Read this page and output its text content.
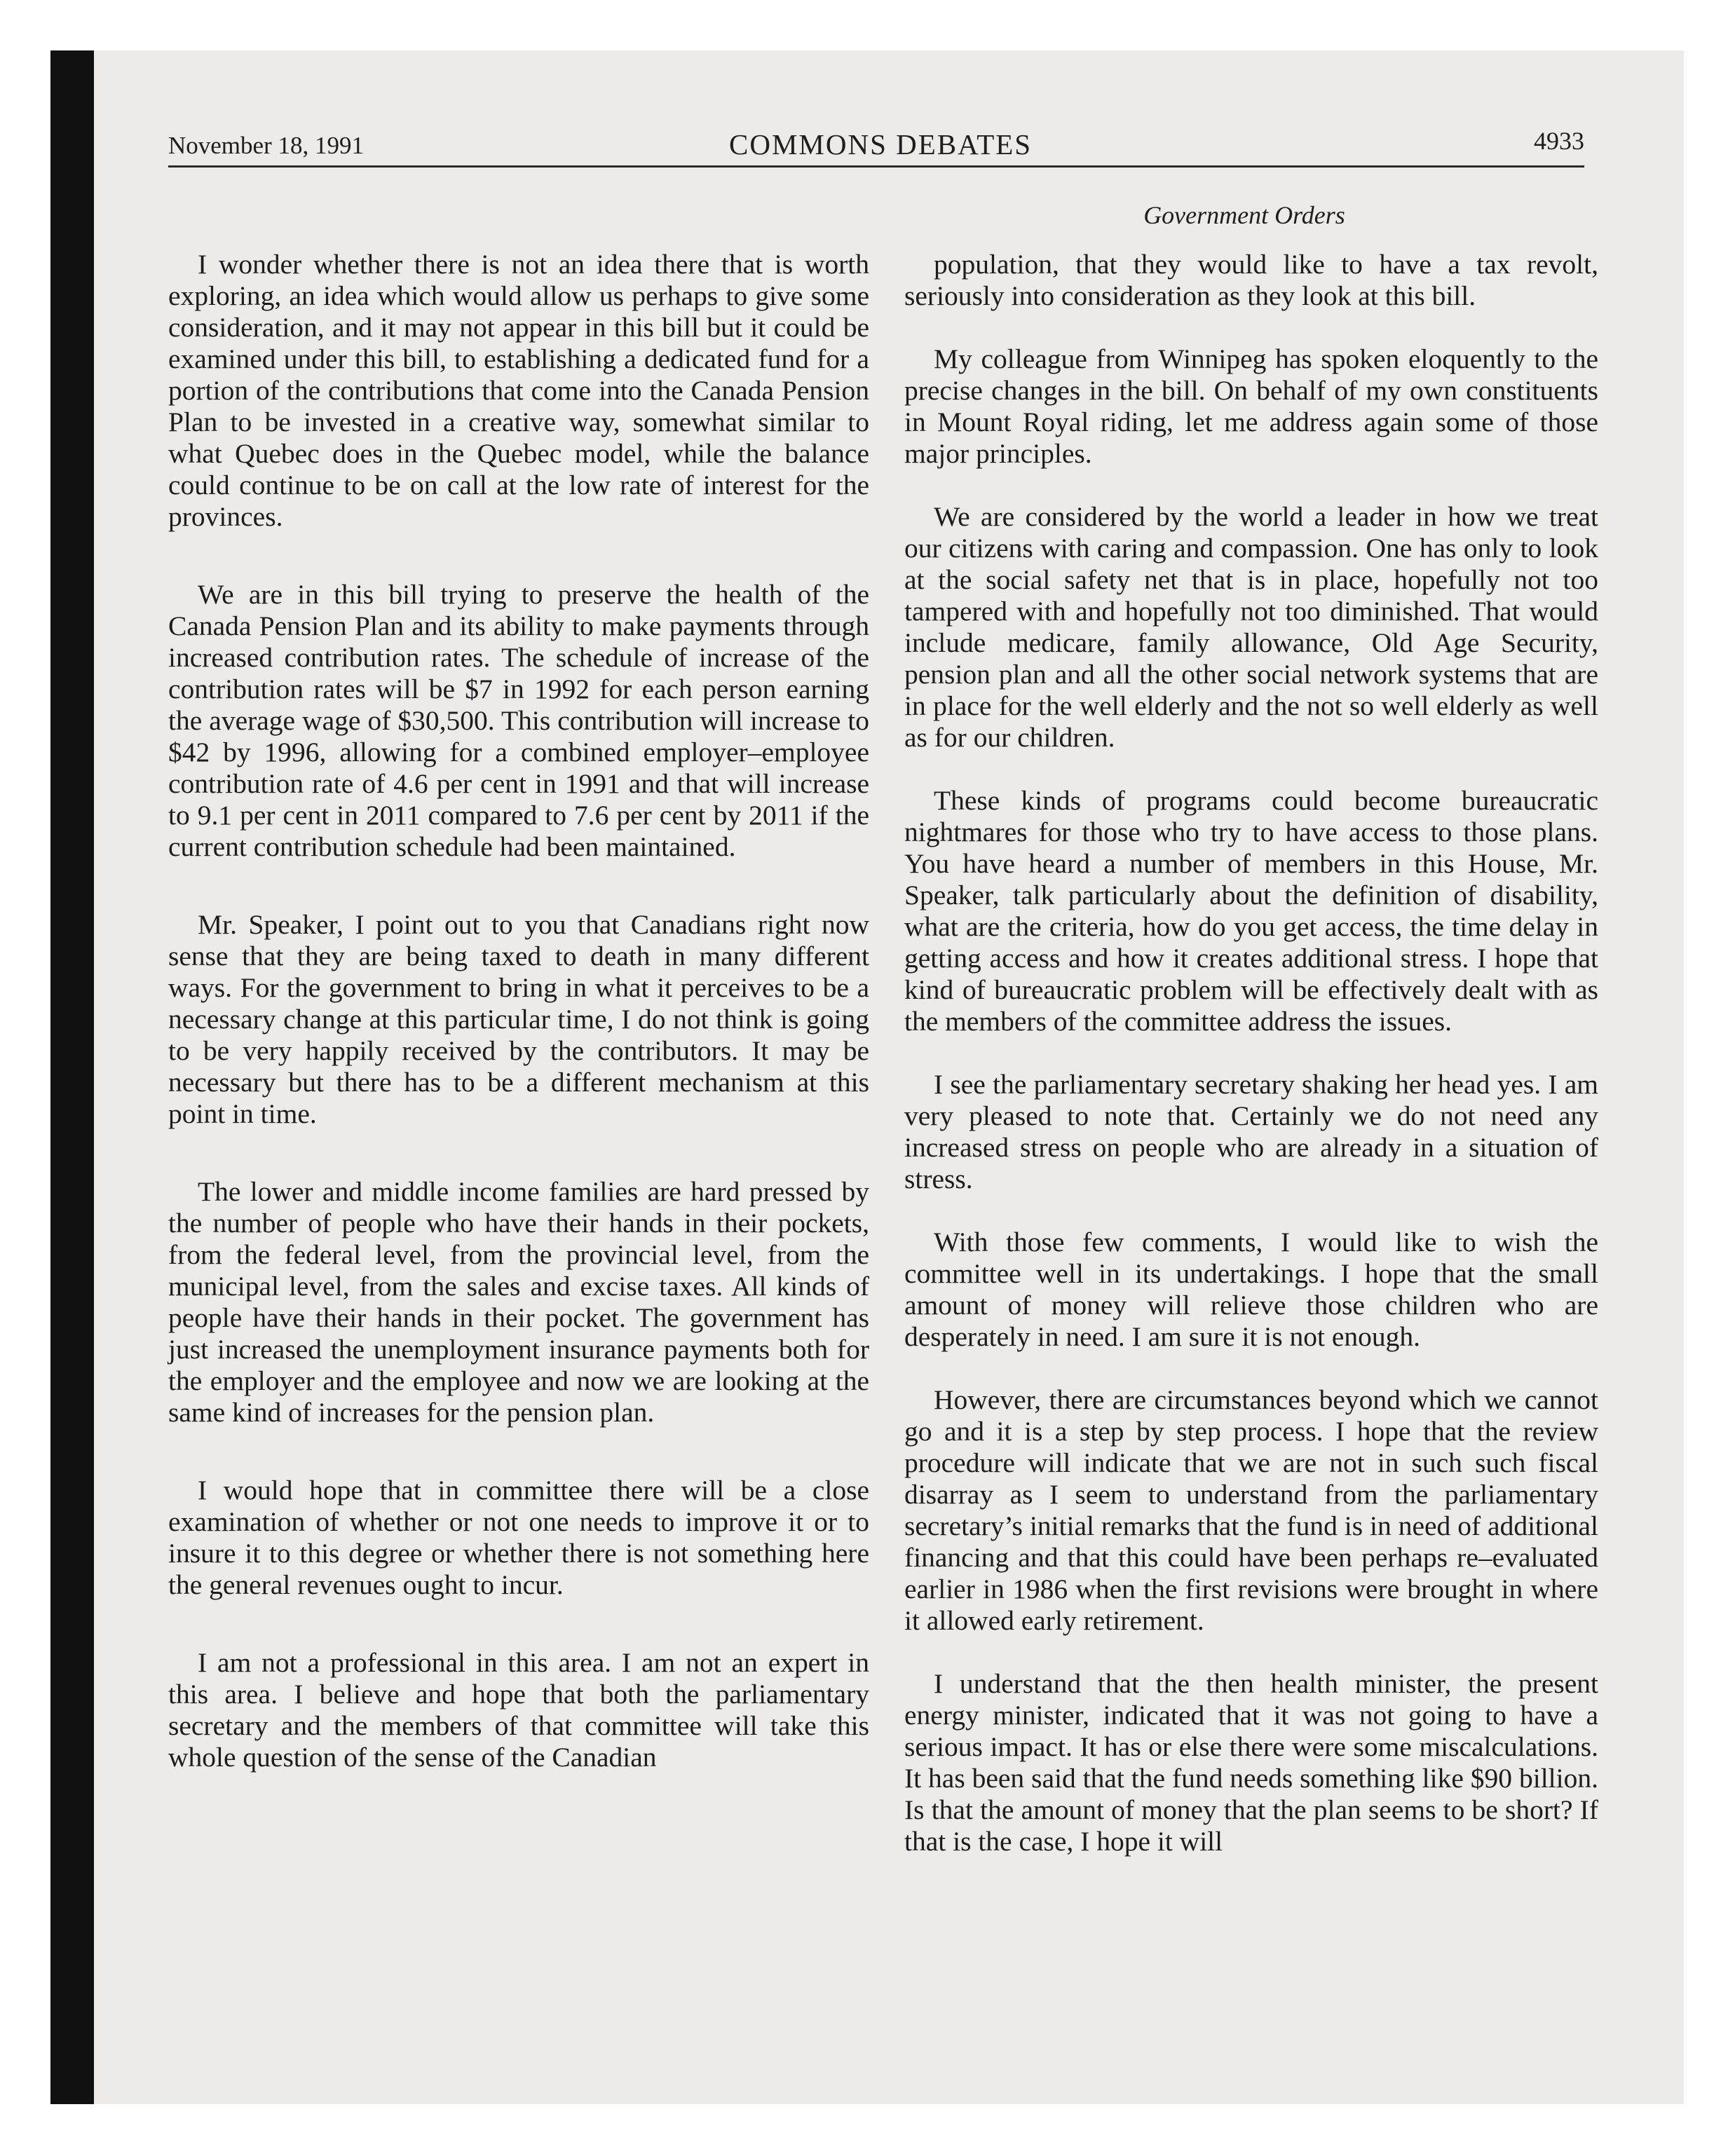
November 18, 1991	COMMONS DEBATES	4933
Government Orders

I wonder whether there is not an idea there that is worth exploring, an idea which would allow us perhaps to give some consideration, and it may not appear in this bill but it could be examined under this bill, to establishing a dedicated fund for a portion of the contributions that come into the Canada Pension Plan to be invested in a creative way, somewhat similar to what Quebec does in the Quebec model, while the balance could continue to be on call at the low rate of interest for the provinces.

We are in this bill trying to preserve the health of the Canada Pension Plan and its ability to make payments through increased contribution rates. The schedule of increase of the contribution rates will be $7 in 1992 for each person earning the average wage of $30,500. This contribution will increase to $42 by 1996, allowing for a combined employer–employee contribution rate of 4.6 per cent in 1991 and that will increase to 9.1 per cent in 2011 compared to 7.6 per cent by 2011 if the current contribution schedule had been maintained.

Mr. Speaker, I point out to you that Canadians right now sense that they are being taxed to death in many different ways. For the government to bring in what it perceives to be a necessary change at this particular time, I do not think is going to be very happily received by the contributors. It may be necessary but there has to be a different mechanism at this point in time.

The lower and middle income families are hard pressed by the number of people who have their hands in their pockets, from the federal level, from the provincial level, from the municipal level, from the sales and excise taxes. All kinds of people have their hands in their pocket. The government has just increased the unemployment insurance payments both for the employer and the employee and now we are looking at the same kind of increases for the pension plan.

I would hope that in committee there will be a close examination of whether or not one needs to improve it or to insure it to this degree or whether there is not something here the general revenues ought to incur.

I am not a professional in this area. I am not an expert in this area. I believe and hope that both the parliamentary secretary and the members of that committee will take this whole question of the sense of the Canadian

population, that they would like to have a tax revolt, seriously into consideration as they look at this bill.

My colleague from Winnipeg has spoken eloquently to the precise changes in the bill. On behalf of my own constituents in Mount Royal riding, let me address again some of those major principles.

We are considered by the world a leader in how we treat our citizens with caring and compassion. One has only to look at the social safety net that is in place, hopefully not too tampered with and hopefully not too diminished. That would include medicare, family allowance, Old Age Security, pension plan and all the other social network systems that are in place for the well elderly and the not so well elderly as well as for our children.

These kinds of programs could become bureaucratic nightmares for those who try to have access to those plans. You have heard a number of members in this House, Mr. Speaker, talk particularly about the definition of disability, what are the criteria, how do you get access, the time delay in getting access and how it creates additional stress. I hope that kind of bureaucratic problem will be effectively dealt with as the members of the committee address the issues.

I see the parliamentary secretary shaking her head yes. I am very pleased to note that. Certainly we do not need any increased stress on people who are already in a situation of stress.

With those few comments, I would like to wish the committee well in its undertakings. I hope that the small amount of money will relieve those children who are desperately in need. I am sure it is not enough.

However, there are circumstances beyond which we cannot go and it is a step by step process. I hope that the review procedure will indicate that we are not in such such fiscal disarray as I seem to understand from the parliamentary secretary’s initial remarks that the fund is in need of additional financing and that this could have been perhaps re–evaluated earlier in 1986 when the first revisions were brought in where it allowed early retirement.

I understand that the then health minister, the present energy minister, indicated that it was not going to have a serious impact. It has or else there were some miscalculations. It has been said that the fund needs something like $90 billion. Is that the amount of money that the plan seems to be short? If that is the case, I hope it will
